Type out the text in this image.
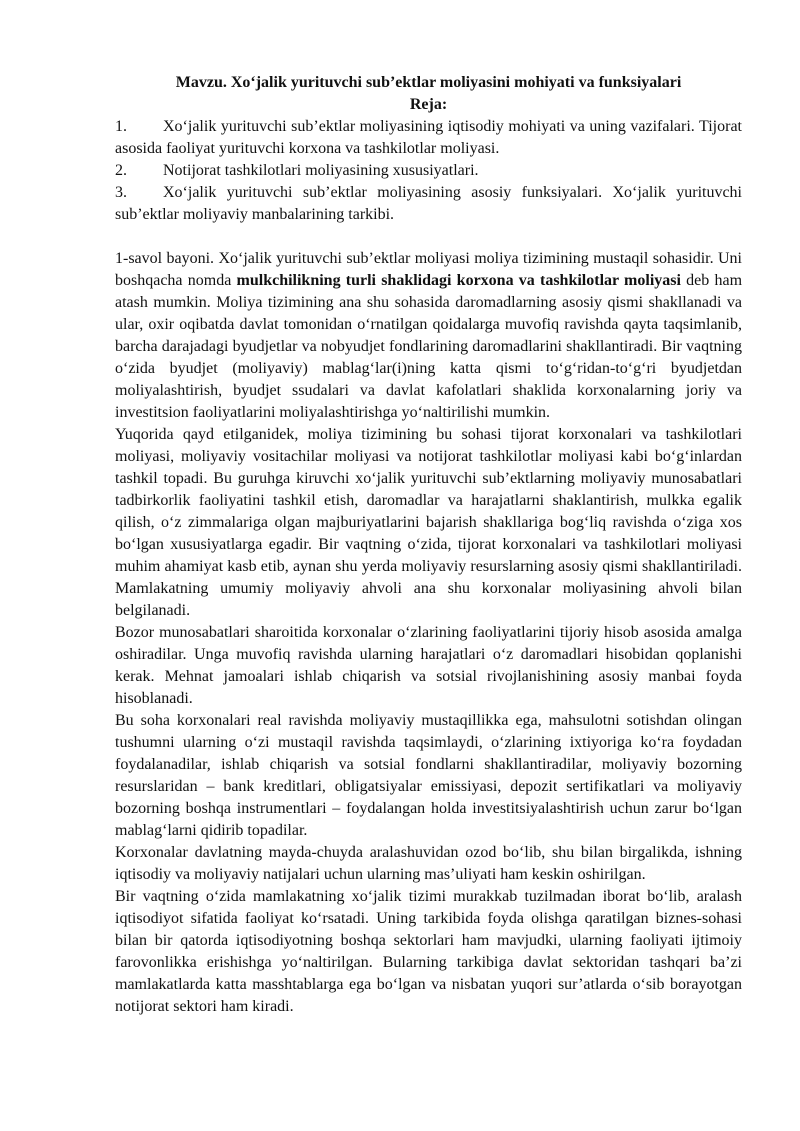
Mavzu. Xo‘jalik yurituvchi sub’ektlar moliyasini mohiyati va funksiyalari

Reja:

1. Xo‘jalik yurituvchi sub’ektlar moliyasining iqtisodiy mohiyati va uning vazifalari. Tijorat asosida faoliyat yurituvchi korxona va tashkilotlar moliyasi.

2. Notijorat tashkilotlari moliyasining xususiyatlari.

3. Xo‘jalik yurituvchi sub’ektlar moliyasining asosiy funksiyalari. Xo‘jalik yurituvchi sub’ektlar moliyaviy manbalarining tarkibi.

1-savol bayoni. Xo‘jalik yurituvchi sub’ektlar moliyasi moliya tizimining mustaqil sohasidir. Uni boshqacha nomda mulkchilikning turli shaklidagi korxona va tashkilotlar moliyasi deb ham atash mumkin. Moliya tizimining ana shu sohasida daromadlarning asosiy qismi shakllanadi va ular, oxir oqibatda davlat tomonidan o‘rnatilgan qoidalarga muvofiq ravishda qayta taqsimlanib, barcha darajadagi byudjetlar va nobyudjet fondlarining daromadlarini shakllantiradi. Bir vaqtning o‘zida byudjet (moliyaviy) mablag‘lar(i)ning katta qismi to‘g‘ridan-to‘g‘ri byudjetdan moliyalashtirish, byudjet ssudalari va davlat kafolatlari shaklida korxonalarning joriy va investitsion faoliyatlarini moliyalashtirishga yo‘naltirilishi mumkin.

Yuqorida qayd etilganidek, moliya tizimining bu sohasi tijorat korxonalari va tashkilotlari moliyasi, moliyaviy vositachilar moliyasi va notijorat tashkilotlar moliyasi kabi bo‘g‘inlardan tashkil topadi. Bu guruhga kiruvchi xo‘jalik yurituvchi sub’ektlarning moliyaviy munosabatlari tadbirkorlik faoliyatini tashkil etish, daromadlar va harajatlarni shaklantirish, mulkka egalik qilish, o‘z zimmalariga olgan majburiyatlarini bajarish shakllariga bog‘liq ravishda o‘ziga xos bo‘lgan xususiyatlarga egadir. Bir vaqtning o‘zida, tijorat korxonalari va tashkilotlari moliyasi muhim ahamiyat kasb etib, aynan shu yerda moliyaviy resurslarning asosiy qismi shakllantiriladi. Mamlakatning umumiy moliyaviy ahvoli ana shu korxonalar moliyasining ahvoli bilan belgilanadi.

Bozor munosabatlari sharoitida korxonalar o‘zlarining faoliyatlarini tijoriy hisob asosida amalga oshiradilar. Unga muvofiq ravishda ularning harajatlari o‘z daromadlari hisobidan qoplanishi kerak. Mehnat jamoalari ishlab chiqarish va sotsial rivojlanishining asosiy manbai foyda hisoblanadi.

Bu soha korxonalari real ravishda moliyaviy mustaqillikka ega, mahsulotni sotishdan olingan tushumni ularning o‘zi mustaqil ravishda taqsimlaydi, o‘zlarining ixtiyoriga ko‘ra foydadan foydalanadilar, ishlab chiqarish va sotsial fondlarni shakllantiradilar, moliyaviy bozorning resurslaridan – bank kreditlari, obligatsiyalar emissiyasi, depozit sertifikatlari va moliyaviy bozorning boshqa instrumentlari – foydalangan holda investitsiyalashtirish uchun zarur bo‘lgan mablag‘larni qidirib topadilar.

Korxonalar davlatning mayda-chuyda aralashuvidan ozod bo‘lib, shu bilan birgalikda, ishning iqtisodiy va moliyaviy natijalari uchun ularning mas’uliyati ham keskin oshirilgan.

Bir vaqtning o‘zida mamlakatning xo‘jalik tizimi murakkab tuzilmadan iborat bo‘lib, aralash iqtisodiyot sifatida faoliyat ko‘rsatadi. Uning tarkibida foyda olishga qaratilgan biznes-sohasi bilan bir qatorda iqtisodiyotning boshqa sektorlari ham mavjudki, ularning faoliyati ijtimoiy farovonlikka erishishga yo‘naltirilgan. Bularning tarkibiga davlat sektoridan tashqari ba’zi mamlakatlarda katta masshtablarga ega bo‘lgan va nisbatan yuqori sur’atlarda o‘sib borayotgan notijorat sektori ham kiradi.
